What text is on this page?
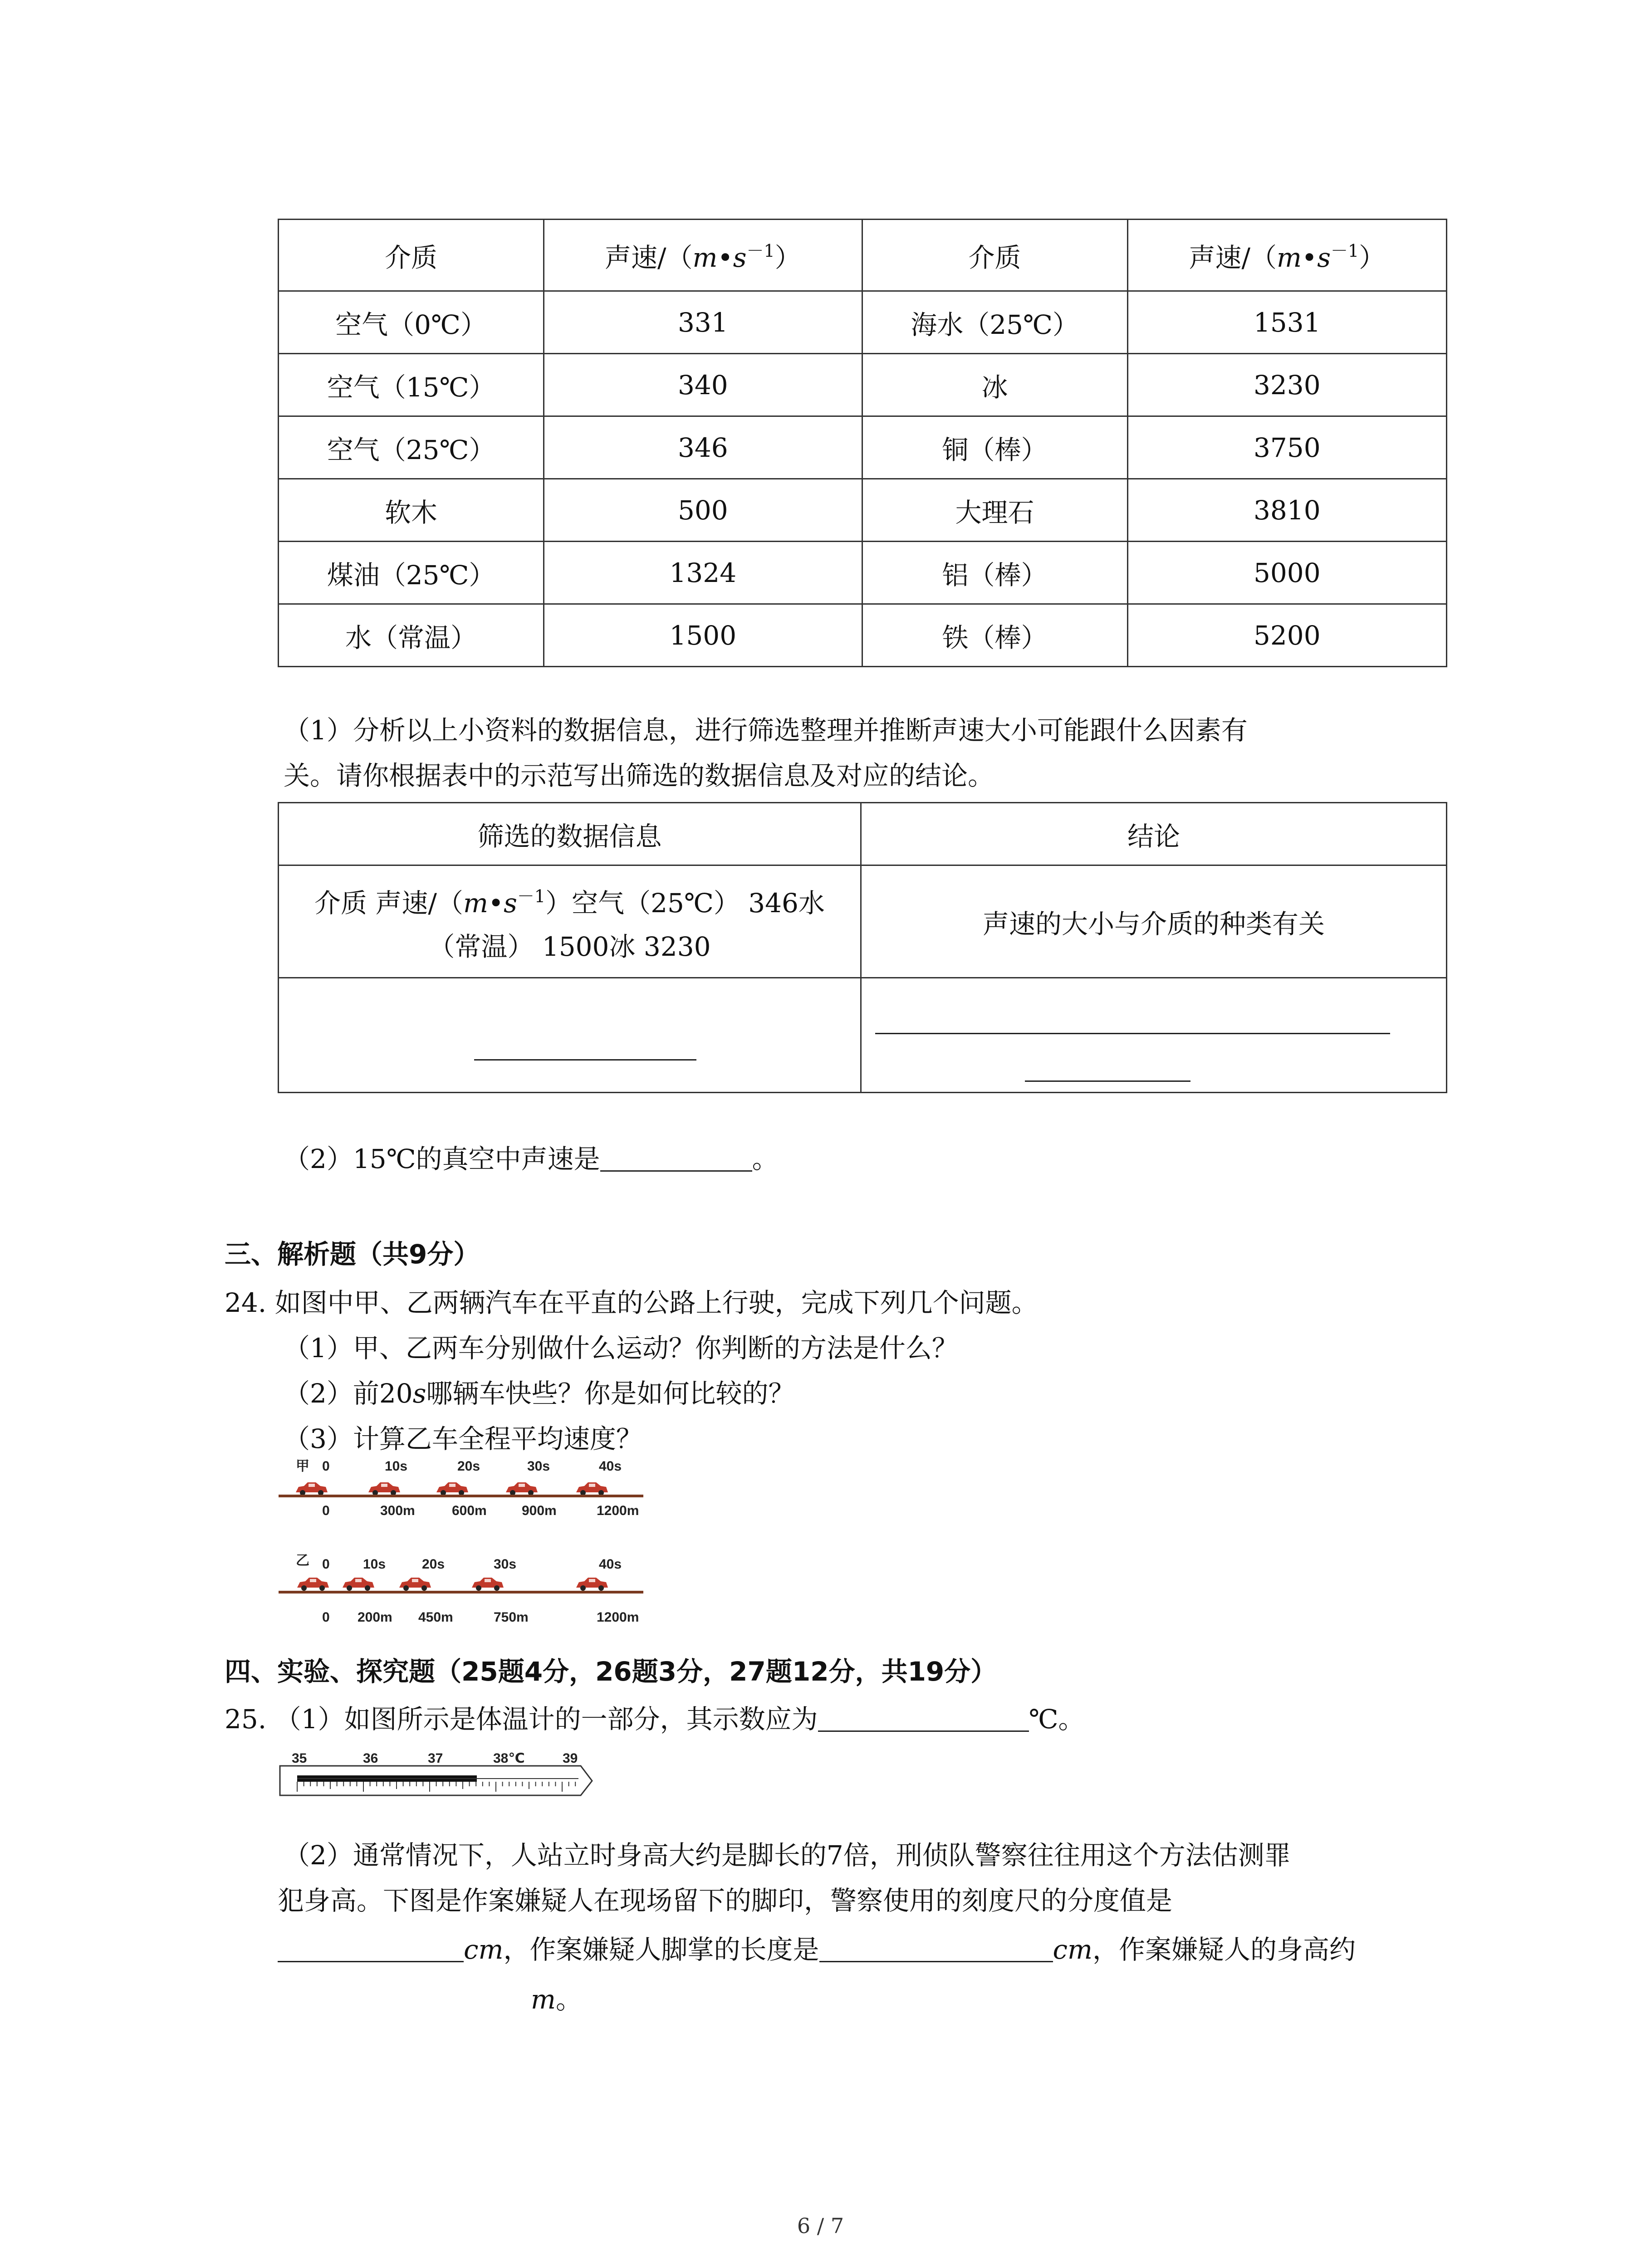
介质	声速$/(m•s^{-1})$	介质	声速$/(m•s^{-1})$
空气（0℃）	331	海水（25℃）	1531
空气（15℃）	340	冰	3230
空气（25℃）	346	铜（棒）	3750
软木	500	大理石	3810
煤油（25℃）	1324	铝（棒）	5000
水（常温）	1500	铁（棒）	5200
（1）分析以上小资料的数据信息，进行筛选整理并推断声速大小可能跟什么因素有
关。请你根据表中的示范写出筛选的数据信息及对应的结论。
筛选的数据信息	结论
介质 声速$/(m•s^{-1})$空气（25℃） 346水
（常温） 1500冰 3230	声速的大小与介质的种类有关

（2）15℃的真空中声速是	。
三、解析题（共9分）
24. 如图中甲、乙两辆汽车在平直的公路上行驶，完成下列几个问题。
（1）甲、乙两车分别做什么运动？你判断的方法是什么？
（2）前20s哪辆车快些？你是如何比较的？
（3）计算乙车全程平均速度？
甲 0	10s	20s	30s	40s
0	300m	600m	900m	1200m
乙 0 10s	20s	30s	40s
0 200m 450m	750m	1200m
四、实验、探究题（25题4分，26题3分，27题12分，共19分）
25. （1）如图所示是体温计的一部分，其示数应为	℃。
35	36	37	38℃	39
（2）通常情况下，人站立时身高大约是脚长的7倍，刑侦队警察往往用这个方法估测罪
犯身高。下图是作案嫌疑人在现场留下的脚印，警察使用的刻度尺的分度值是
cm，作案嫌疑人脚掌的长度是	cm，作案嫌疑人的身高约
m。
6 / 7
